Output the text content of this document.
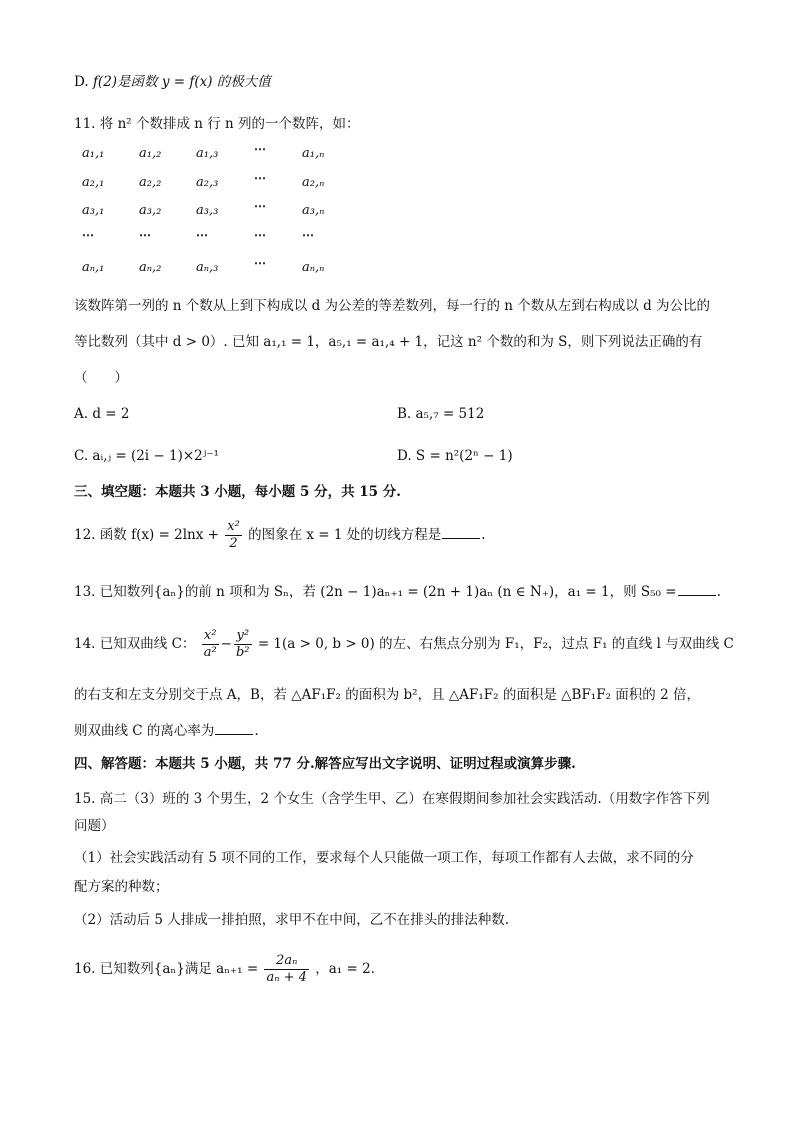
D. f(2)是函数 y = f(x) 的极大值
11. 将 n² 个数排成 n 行 n 列的一个数阵，如：
a₁,₁	a₁,₂	a₁,₃	⋯	a₁,ₙ
a₂,₁	a₂,₂	a₂,₃	⋯	a₂,ₙ
a₃,₁	a₃,₂	a₃,₃	⋯	a₃,ₙ
⋯	⋯	⋯	⋯	⋯
aₙ,₁	aₙ,₂	aₙ,₃	⋯	aₙ,ₙ
该数阵第一列的 n 个数从上到下构成以 d 为公差的等差数列，每一行的 n 个数从左到右构成以 d 为公比的
等比数列（其中 d > 0）. 已知 a₁,₁ = 1，a₅,₁ = a₁,₄ + 1，记这 n² 个数的和为 S，则下列说法正确的有
（　　）
A. d = 2	B. a₅,₇ = 512
C. aᵢ,ⱼ = (2i − 1)×2ʲ⁻¹	D. S = n²(2ⁿ − 1)
三、填空题：本题共 3 小题，每小题 5 分，共 15 分.
12. 函数 $f(x) = 2\ln x + \frac{\text{x²}}{2}$ 的图象在 x = 1 处的切线方程是	.
13. 已知数列{aₙ}的前 n 项和为 Sₙ，若 (2n − 1)aₙ₊₁ = (2n + 1)aₙ (n ∈ N₊)，a₁ = 1，则 S₅₀ =	.
14. 已知双曲线 C： $\frac{\text{x²}}{\text{a²}} - \frac{\text{y²}}{\text{b²}} = 1(a > 0$, b > 0) 的左、右焦点分别为 F₁，F₂，过点 F₁ 的直线 l 与双曲线 C
的右支和左支分别交于点 A，B，若 △AF₁F₂ 的面积为 b²，且 △AF₁F₂ 的面积是 △BF₁F₂ 面积的 2 倍，
则双曲线 C 的离心率为	.
四、解答题：本题共 5 小题，共 77 分.解答应写出文字说明、证明过程或演算步骤.
15. 高二（3）班的 3 个男生，2 个女生（含学生甲、乙）在寒假期间参加社会实践活动.（用数字作答下列
问题）
（1）社会实践活动有 5 项不同的工作，要求每个人只能做一项工作，每项工作都有人去做，求不同的分
配方案的种数；
（2）活动后 5 人排成一排拍照，求甲不在中间，乙不在排头的排法种数.
16. 已知数列{aₙ}满足 $a_{n+1} = \frac{\text{2aₙ}}{\text{aₙ + 4}}$ ，a₁ = 2.
